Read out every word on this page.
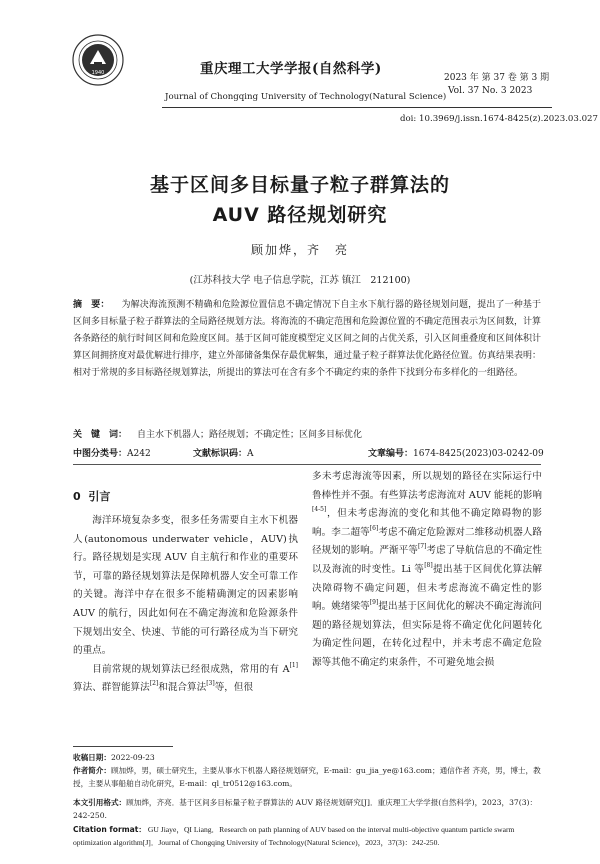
1940	重庆理工大学学报(自然科学)
Journal of Chongqing University of Technology(Natural Science)
2023 年 第 37 卷 第 3 期
Vol. 37 No. 3 2023
doi: 10.3969/j.issn.1674-8425(z).2023.03.027
基于区间多目标量子粒子群算法的
AUV 路径规划研究
顾加烨，齐　亮
(江苏科技大学 电子信息学院，江苏 镇江　212100)
摘　要： 为解决海流预测不精确和危险源位置信息不确定情况下自主水下航行器的路径规划问题，提出了一种基于区间多目标量子粒子群算法的全局路径规划方法。将海流的不确定范围和危险源位置的不确定范围表示为区间数，计算各条路径的航行时间区间和危险度区间。基于区间可能度模型定义区间之间的占优关系，引入区间重叠度和区间体积计算区间拥挤度对最优解进行排序，建立外部储备集保存最优解集，通过量子粒子群算法优化路径位置。仿真结果表明：相对于常规的多目标路径规划算法，所提出的算法可在含有多个不确定约束的条件下找到分布多样化的一组路径。
关　键　词： 自主水下机器人；路径规划；不确定性；区间多目标优化
中图分类号：A242	文献标识码：A	文章编号：1674-8425(2023)03-0242-09
0 引言

海洋环境复杂多变，很多任务需要自主水下机器人(autonomous underwater vehicle，AUV)执行。路径规划是实现 AUV 自主航行和作业的重要环节，可靠的路径规划算法是保障机器人安全可靠工作的关键。海洋中存在很多不能精确测定的因素影响 AUV 的航行，因此如何在不确定海流和危险源条件下规划出安全、快速、节能的可行路径成为当下研究的重点。

目前常规的规划算法已经很成熟，常用的有 A[1]算法、群智能算法[2]和混合算法[3]等，但很

多未考虑海流等因素，所以规划的路径在实际运行中鲁棒性并不强。有些算法考虑海流对 AUV 能耗的影响[4-5]，但未考虑海流的变化和其他不确定障碍物的影响。李二超等[6]考虑不确定危险源对二维移动机器人路径规划的影响。严渐平等[7]考虑了导航信息的不确定性以及海流的时变性。Li 等[8]提出基于区间优化算法解决障碍物不确定问题，但未考虑海流不确定性的影响。姚绪梁等[9]提出基于区间优化的解决不确定海流问题的路径规划算法，但实际是将不确定优化问题转化为确定性问题，在转化过程中，并未考虑不确定危险源等其他不确定约束条件，不可避免地会损

收稿日期：2022-09-23
作者简介：顾加烨，男，硕士研究生，主要从事水下机器人路径规划研究，E-mail：gu_jia_ye@163.com；通信作者 齐亮，男，博士，教授，主要从事船舶自动化研究，E-mail：ql_tr0512@163.com。
本文引用格式：顾加烨，齐亮．基于区间多目标量子粒子群算法的 AUV 路径规划研究[J]．重庆理工大学学报(自然科学)，2023，37(3)：242-250.
Citation format： GU Jiaye，QI Liang．Research on path planning of AUV based on the interval multi-objective quantum particle swarm optimization algorithm[J]．Journal of Chongqing University of Technology(Natural Science)，2023，37(3)：242-250.
